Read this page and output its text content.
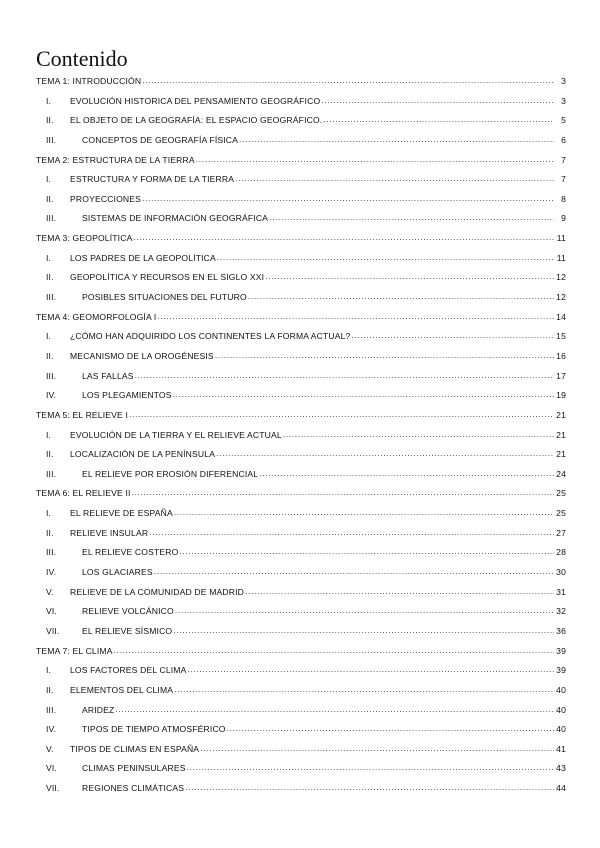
Contenido
TEMA 1: INTRODUCCIÓN .....	3
I.	EVOLUCIÓN HISTORICA DEL PENSAMIENTO GEOGRÁFICO .....	3
II.	EL OBJETO DE LA GEOGRAFÍA: EL ESPACIO GEOGRÁFICO. .....	5
III.	CONCEPTOS DE GEOGRAFÍA FÍSICA .....	6
TEMA 2: ESTRUCTURA DE LA TIERRA .....	7
I.	ESTRUCTURA Y FORMA DE LA TIERRA .....	7
II.	PROYECCIONES .....	8
III.	SISTEMAS DE INFORMACIÓN GEOGRÁFICA .....	9
TEMA 3: GEOPOLÍTICA .....	11
I.	LOS PADRES DE LA GEOPOLÍTICA .....	11
II.	GEOPOLÍTICA Y RECURSOS EN EL SIGLO XXI .....	12
III.	POSIBLES SITUACIONES DEL FUTURO .....	12
TEMA 4: GEOMORFOLOGÍA I .....	14
I.	¿CÓMO HAN ADQUIRIDO LOS CONTINENTES LA FORMA ACTUAL? .....	15
II.	MECANISMO DE LA OROGÉNESIS .....	16
III.	LAS FALLAS .....	17
IV.	LOS PLEGAMIENTOS .....	19
TEMA 5: EL RELIEVE I .....	21
I.	EVOLUCIÓN DE LA TIERRA Y EL RELIEVE ACTUAL .....	21
II.	LOCALIZACIÓN DE LA PENÍNSULA .....	21
III.	EL RELIEVE POR EROSIÓN DIFERENCIAL .....	24
TEMA 6: EL RELIEVE II .....	25
I.	EL RELIEVE DE ESPAÑA .....	25
II.	RELIEVE INSULAR .....	27
III.	EL RELIEVE COSTERO .....	28
IV.	LOS GLACIARES .....	30
V.	RELIEVE DE LA COMUNIDAD DE MADRID .....	31
VI.	RELIEVE VOLCÁNICO .....	32
VII.	EL RELIEVE SÍSMICO .....	36
TEMA 7: EL CLIMA .....	39
I.	LOS FACTORES DEL CLIMA .....	39
II.	ELEMENTOS DEL CLIMA .....	40
III.	ARIDEZ .....	40
IV.	TIPOS DE TIEMPO ATMOSFÉRICO .....	40
V.	TIPOS DE CLIMAS EN ESPAÑA .....	41
VI.	CLIMAS PENINSULARES .....	43
VII.	REGIONES CLIMÁTICAS .....	44
